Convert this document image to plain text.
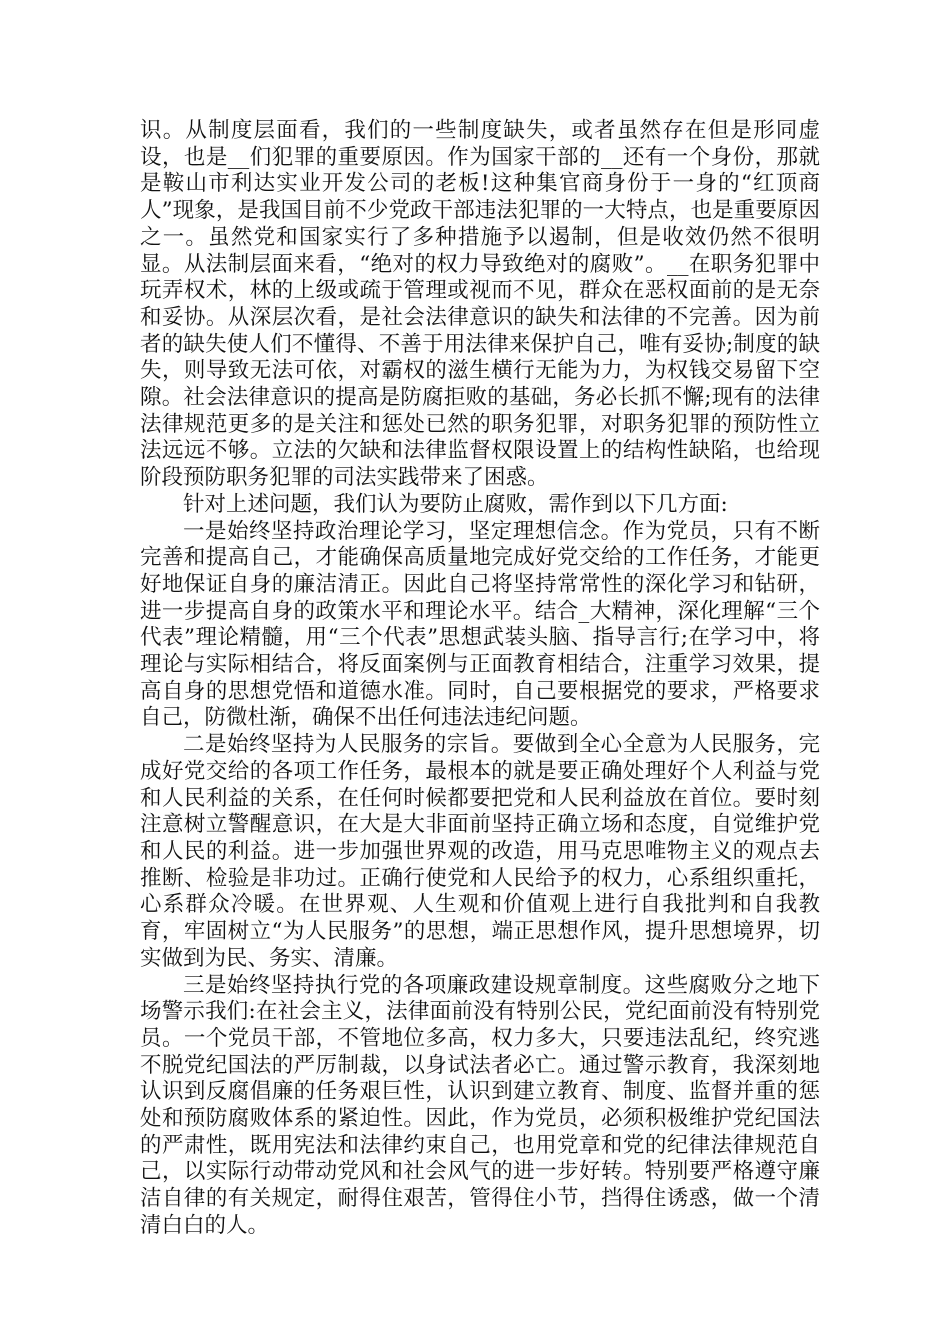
识。从制度层面看，我们的一些制度缺失，或者虽然存在但是形同虚设，也是__们犯罪的重要原因。作为国家干部的__还有一个身份，那就是鞍山市利达实业开发公司的老板!这种集官商身份于一身的“红顶商人”现象，是我国目前不少党政干部违法犯罪的一大特点，也是重要原因之一。虽然党和国家实行了多种措施予以遏制，但是收效仍然不很明显。从法制层面来看，“绝对的权力导致绝对的腐败”。__在职务犯罪中玩弄权术，林的上级或疏于管理或视而不见，群众在恶权面前的是无奈和妥协。从深层次看，是社会法律意识的缺失和法律的不完善。因为前者的缺失使人们不懂得、不善于用法律来保护自己，唯有妥协;制度的缺失，则导致无法可依，对霸权的滋生横行无能为力，为权钱交易留下空隙。社会法律意识的提高是防腐拒败的基础，务必长抓不懈;现有的法律法律规范更多的是关注和惩处已然的职务犯罪，对职务犯罪的预防性立法远远不够。立法的欠缺和法律监督权限设置上的结构性缺陷，也给现阶段预防职务犯罪的司法实践带来了困惑。

针对上述问题，我们认为要防止腐败，需作到以下几方面:

一是始终坚持政治理论学习，坚定理想信念。作为党员，只有不断完善和提高自己，才能确保高质量地完成好党交给的工作任务，才能更好地保证自身的廉洁清正。因此自己将坚持常常性的深化学习和钻研，进一步提高自身的政策水平和理论水平。结合_大精神，深化理解“三个代表”理论精髓，用“三个代表”思想武装头脑、指导言行;在学习中，将理论与实际相结合，将反面案例与正面教育相结合，注重学习效果，提高自身的思想党悟和道德水准。同时，自己要根据党的要求，严格要求自己，防微杜渐，确保不出任何违法违纪问题。

二是始终坚持为人民服务的宗旨。要做到全心全意为人民服务，完成好党交给的各项工作任务，最根本的就是要正确处理好个人利益与党和人民利益的关系，在任何时候都要把党和人民利益放在首位。要时刻注意树立警醒意识，在大是大非面前坚持正确立场和态度，自觉维护党和人民的利益。进一步加强世界观的改造，用马克思唯物主义的观点去推断、检验是非功过。正确行使党和人民给予的权力，心系组织重托，心系群众冷暖。在世界观、人生观和价值观上进行自我批判和自我教育，牢固树立“为人民服务”的思想，端正思想作风，提升思想境界，切实做到为民、务实、清廉。

三是始终坚持执行党的各项廉政建设规章制度。这些腐败分之地下场警示我们:在社会主义，法律面前没有特别公民，党纪面前没有特别党员。一个党员干部，不管地位多高，权力多大，只要违法乱纪，终究逃不脱党纪国法的严厉制裁，以身试法者必亡。通过警示教育，我深刻地认识到反腐倡廉的任务艰巨性，认识到建立教育、制度、监督并重的惩处和预防腐败体系的紧迫性。因此，作为党员，必须积极维护党纪国法的严肃性，既用宪法和法律约束自己，也用党章和党的纪律法律规范自己，以实际行动带动党风和社会风气的进一步好转。特别要严格遵守廉洁自律的有关规定，耐得住艰苦，管得住小节，挡得住诱惑，做一个清清白白的人。
